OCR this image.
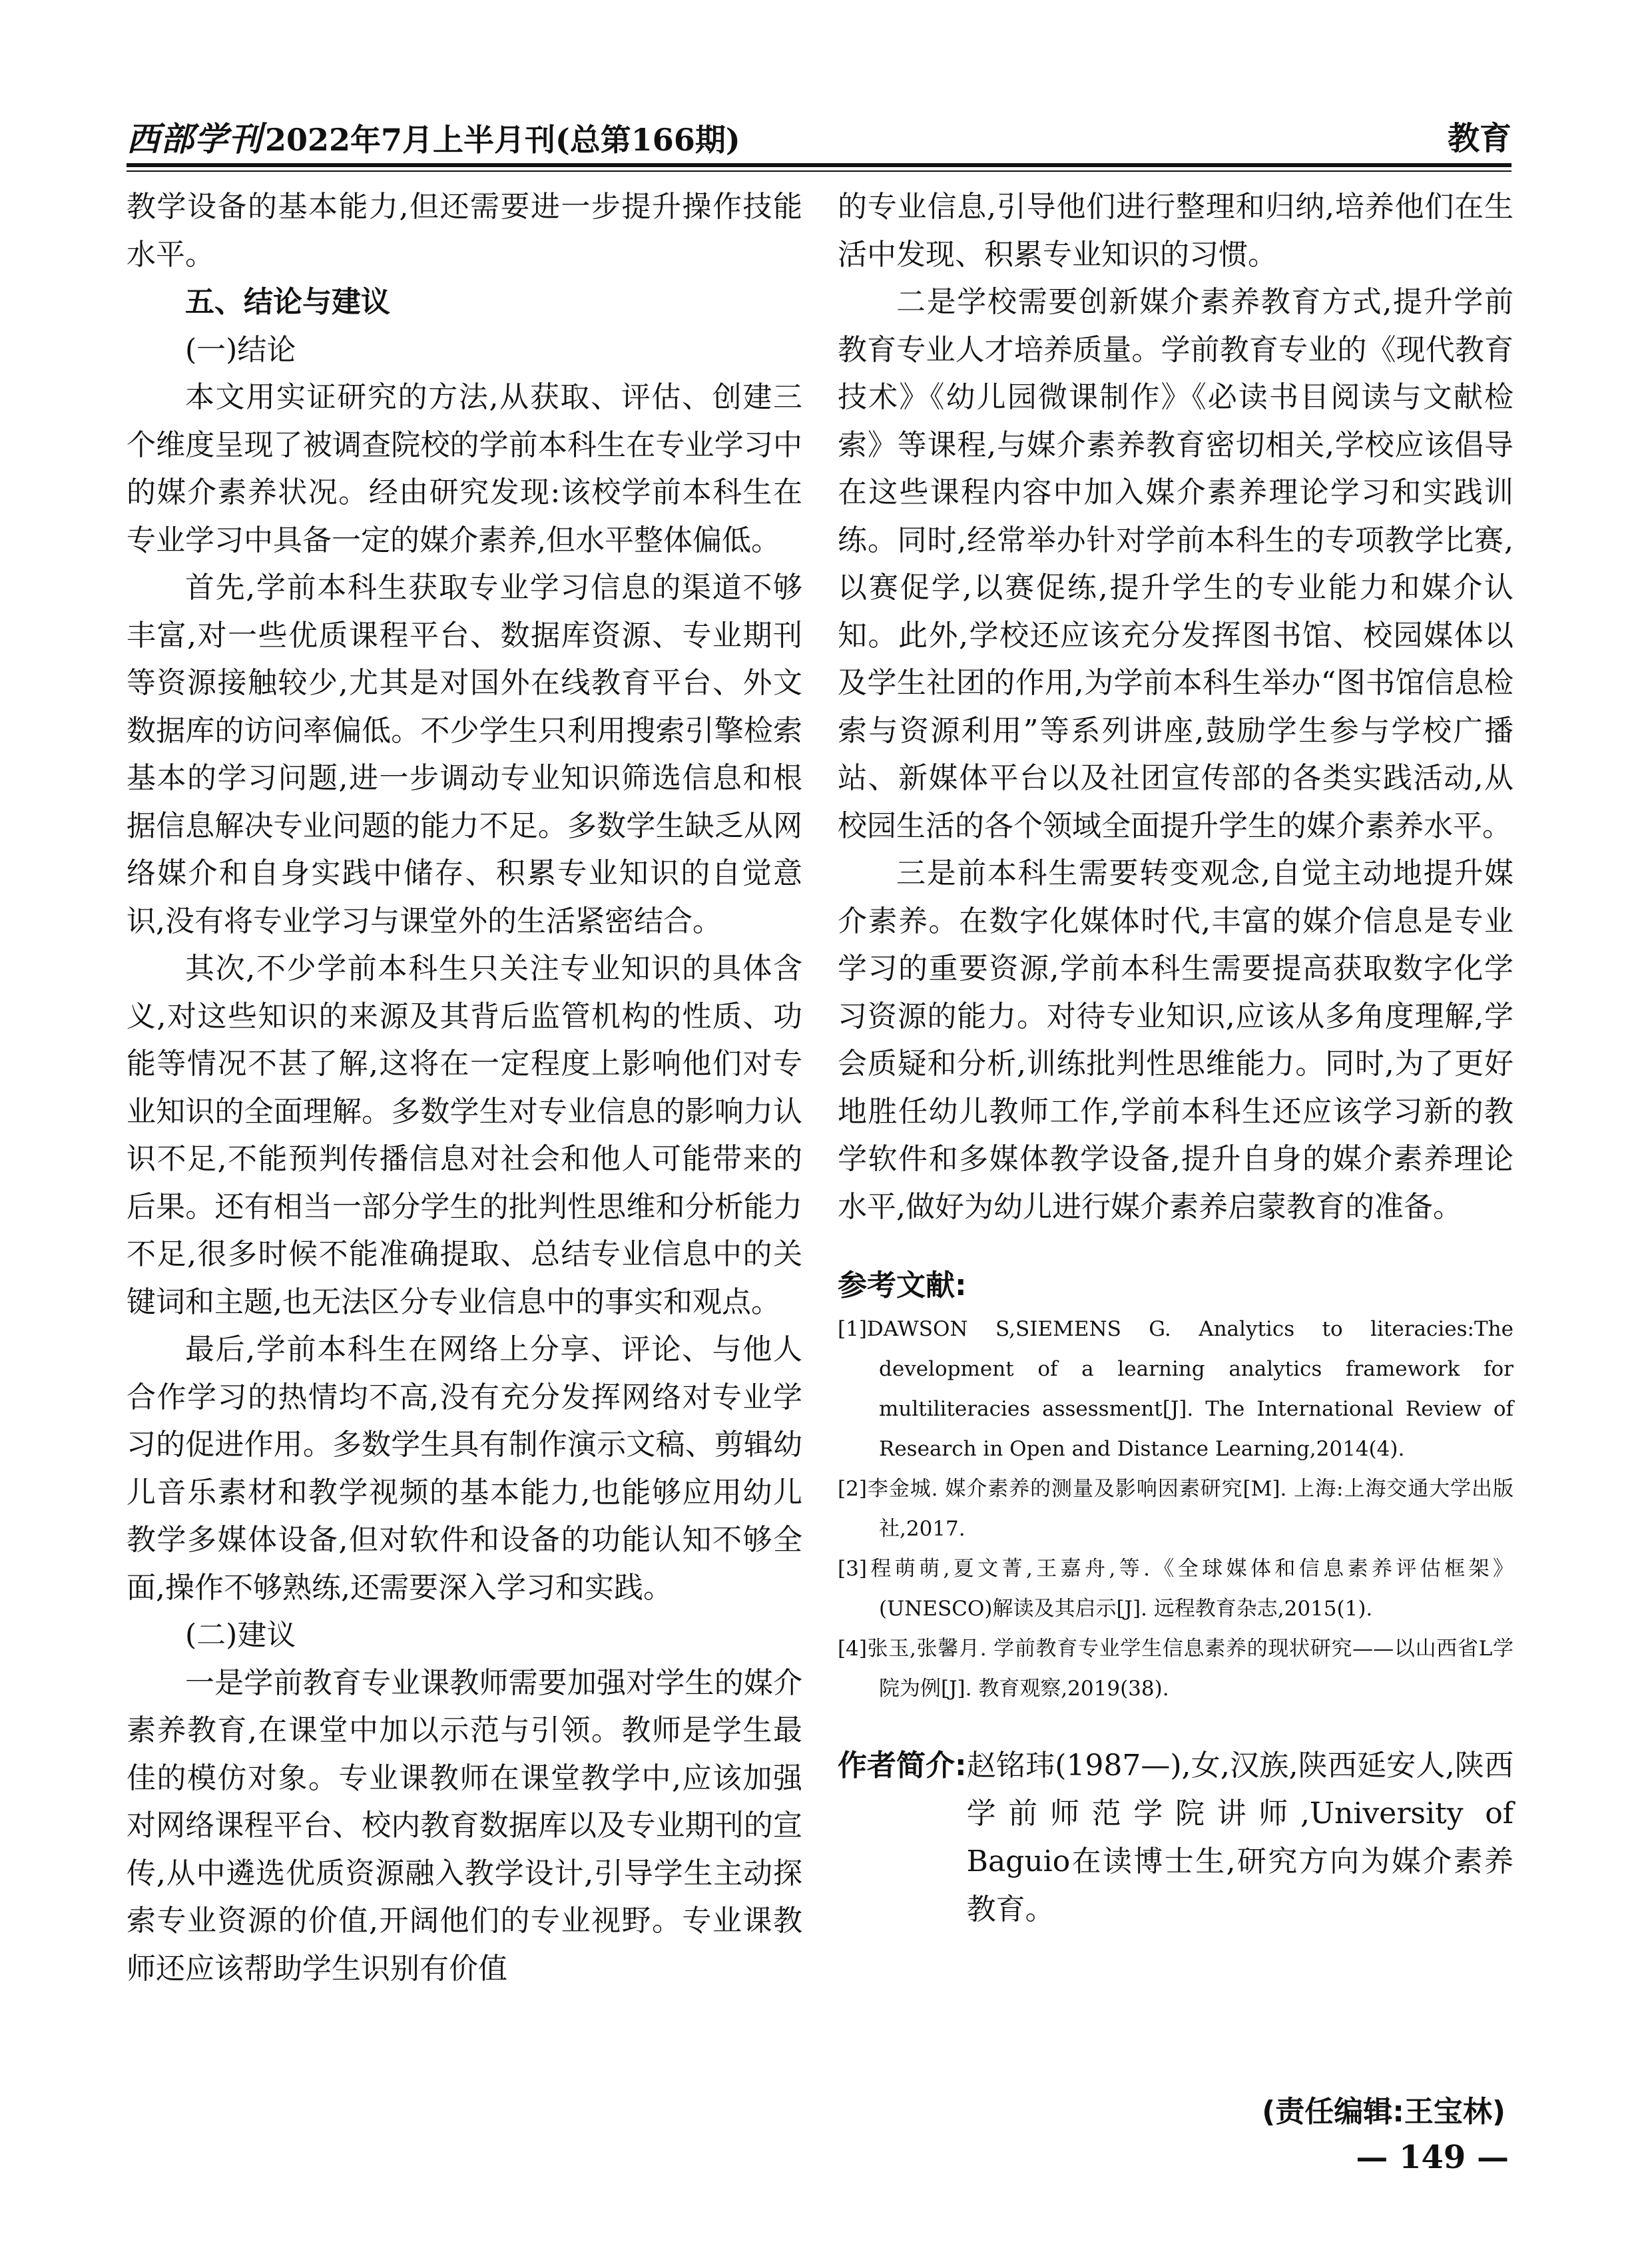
西部学刊2022年7月上半月刊(总第166期)	教育

教学设备的基本能力,但还需要进一步提升操作技能水平。

五、结论与建议

(一)结论

本文用实证研究的方法,从获取、评估、创建三个维度呈现了被调查院校的学前本科生在专业学习中的媒介素养状况。经由研究发现:该校学前本科生在专业学习中具备一定的媒介素养,但水平整体偏低。

首先,学前本科生获取专业学习信息的渠道不够丰富,对一些优质课程平台、数据库资源、专业期刊等资源接触较少,尤其是对国外在线教育平台、外文数据库的访问率偏低。不少学生只利用搜索引擎检索基本的学习问题,进一步调动专业知识筛选信息和根据信息解决专业问题的能力不足。多数学生缺乏从网络媒介和自身实践中储存、积累专业知识的自觉意识,没有将专业学习与课堂外的生活紧密结合。

其次,不少学前本科生只关注专业知识的具体含义,对这些知识的来源及其背后监管机构的性质、功能等情况不甚了解,这将在一定程度上影响他们对专业知识的全面理解。多数学生对专业信息的影响力认识不足,不能预判传播信息对社会和他人可能带来的后果。还有相当一部分学生的批判性思维和分析能力不足,很多时候不能准确提取、总结专业信息中的关键词和主题,也无法区分专业信息中的事实和观点。

最后,学前本科生在网络上分享、评论、与他人合作学习的热情均不高,没有充分发挥网络对专业学习的促进作用。多数学生具有制作演示文稿、剪辑幼儿音乐素材和教学视频的基本能力,也能够应用幼儿教学多媒体设备,但对软件和设备的功能认知不够全面,操作不够熟练,还需要深入学习和实践。

(二)建议

一是学前教育专业课教师需要加强对学生的媒介素养教育,在课堂中加以示范与引领。教师是学生最佳的模仿对象。专业课教师在课堂教学中,应该加强对网络课程平台、校内教育数据库以及专业期刊的宣传,从中遴选优质资源融入教学设计,引导学生主动探索专业资源的价值,开阔他们的专业视野。专业课教师还应该帮助学生识别有价值

的专业信息,引导他们进行整理和归纳,培养他们在生活中发现、积累专业知识的习惯。

二是学校需要创新媒介素养教育方式,提升学前教育专业人才培养质量。学前教育专业的《现代教育技术》《幼儿园微课制作》《必读书目阅读与文献检索》等课程,与媒介素养教育密切相关,学校应该倡导在这些课程内容中加入媒介素养理论学习和实践训练。同时,经常举办针对学前本科生的专项教学比赛,以赛促学,以赛促练,提升学生的专业能力和媒介认知。此外,学校还应该充分发挥图书馆、校园媒体以及学生社团的作用,为学前本科生举办“图书馆信息检索与资源利用”等系列讲座,鼓励学生参与学校广播站、新媒体平台以及社团宣传部的各类实践活动,从校园生活的各个领域全面提升学生的媒介素养水平。

三是前本科生需要转变观念,自觉主动地提升媒介素养。在数字化媒体时代,丰富的媒介信息是专业学习的重要资源,学前本科生需要提高获取数字化学习资源的能力。对待专业知识,应该从多角度理解,学会质疑和分析,训练批判性思维能力。同时,为了更好地胜任幼儿教师工作,学前本科生还应该学习新的教学软件和多媒体教学设备,提升自身的媒介素养理论水平,做好为幼儿进行媒介素养启蒙教育的准备。

参考文献:

[1]DAWSON S,SIEMENS G. Analytics to literacies:The development of a learning analytics framework for multiliteracies assessment[J]. The International Review of Research in Open and Distance Learning,2014(4).

[2]李金城. 媒介素养的测量及影响因素研究[M]. 上海:上海交通大学出版社,2017.

[3]程萌萌,夏文菁,王嘉舟,等.《全球媒体和信息素养评估框架》(UNESCO)解读及其启示[J]. 远程教育杂志,2015(1).

[4]张玉,张馨月. 学前教育专业学生信息素养的现状研究——以山西省L学院为例[J]. 教育观察,2019(38).

作者简介: 赵铭玮(1987—),女,汉族,陕西延安人,陕西学前师范学院讲师,University of Baguio在读博士生,研究方向为媒介素养教育。
(责任编辑:王宝林)
— 149 —
